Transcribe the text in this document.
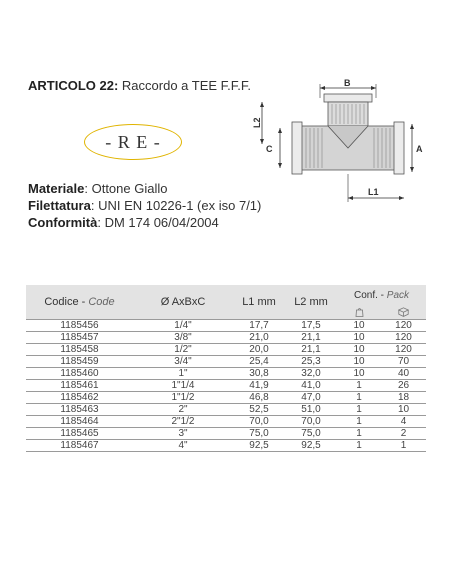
ARTICOLO 22: Raccordo a TEE F.F.F.
- R E -
B
L2
C	A
L1
Materiale: Ottone Giallo
Filettatura: UNI EN 10226-1 (ex iso 7/1)
Conformità: DM 174 06/04/2004
Codice - Code	Ø AxBxC	L1 mm	L2 mm	Conf. - Pack	

1185456	1/4"	17,7	17,5	10	120
1185457	3/8"	21,0	21,1	10	120
1185458	1/2"	20,0	21,1	10	120
1185459	3/4"	25,4	25,3	10	70
1185460	1"	30,8	32,0	10	40
1185461	1"1/4	41,9	41,0	1	26
1185462	1"1/2	46,8	47,0	1	18
1185463	2"	52,5	51,0	1	10
1185464	2"1/2	70,0	70,0	1	4
1185465	3"	75,0	75,0	1	2
1185467	4"	92,5	92,5	1	1
